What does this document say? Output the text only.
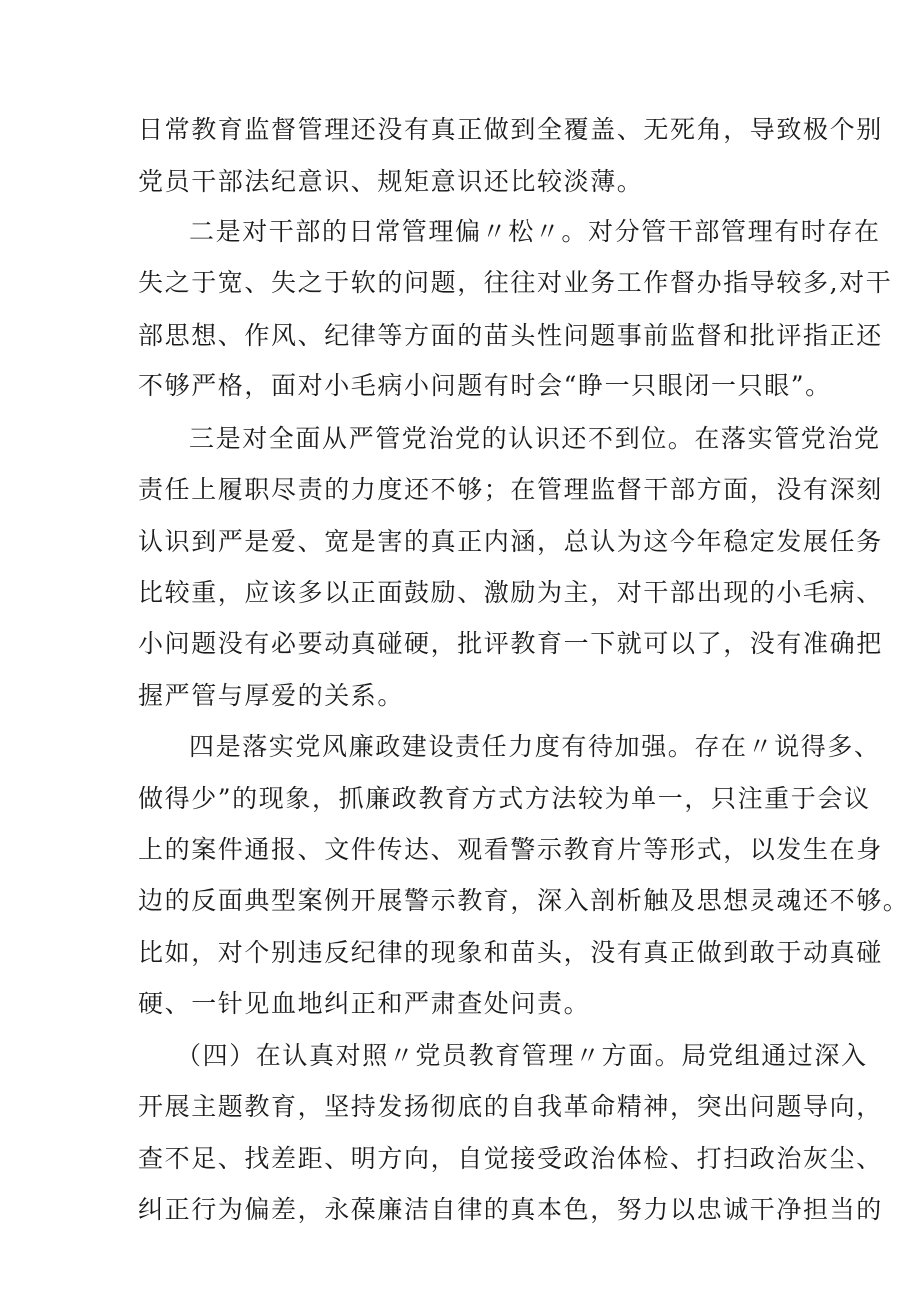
日常教育监督管理还没有真正做到全覆盖、无死角，导致极个别
党员干部法纪意识、规矩意识还比较淡薄。
二是对干部的日常管理偏〃松〃。对分管干部管理有时存在
失之于宽、失之于软的问题，往往对业务工作督办指导较多,对干
部思想、作风、纪律等方面的苗头性问题事前监督和批评指正还
不够严格，面对小毛病小问题有时会“睁一只眼闭一只眼”。
三是对全面从严管党治党的认识还不到位。在落实管党治党
责任上履职尽责的力度还不够；在管理监督干部方面，没有深刻
认识到严是爱、宽是害的真正内涵，总认为这今年稳定发展任务
比较重，应该多以正面鼓励、激励为主，对干部出现的小毛病、
小问题没有必要动真碰硬，批评教育一下就可以了，没有准确把
握严管与厚爱的关系。
四是落实党风廉政建设责任力度有待加强。存在〃说得多、
做得少”的现象，抓廉政教育方式方法较为单一，只注重于会议
上的案件通报、文件传达、观看警示教育片等形式，以发生在身
边的反面典型案例开展警示教育，深入剖析触及思想灵魂还不够。
比如，对个别违反纪律的现象和苗头，没有真正做到敢于动真碰
硬、一针见血地纠正和严肃查处问责。
（四）在认真对照〃党员教育管理〃方面。局党组通过深入
开展主题教育，坚持发扬彻底的自我革命精神，突出问题导向，
查不足、找差距、明方向，自觉接受政治体检、打扫政治灰尘、
纠正行为偏差，永葆廉洁自律的真本色，努力以忠诚干净担当的
